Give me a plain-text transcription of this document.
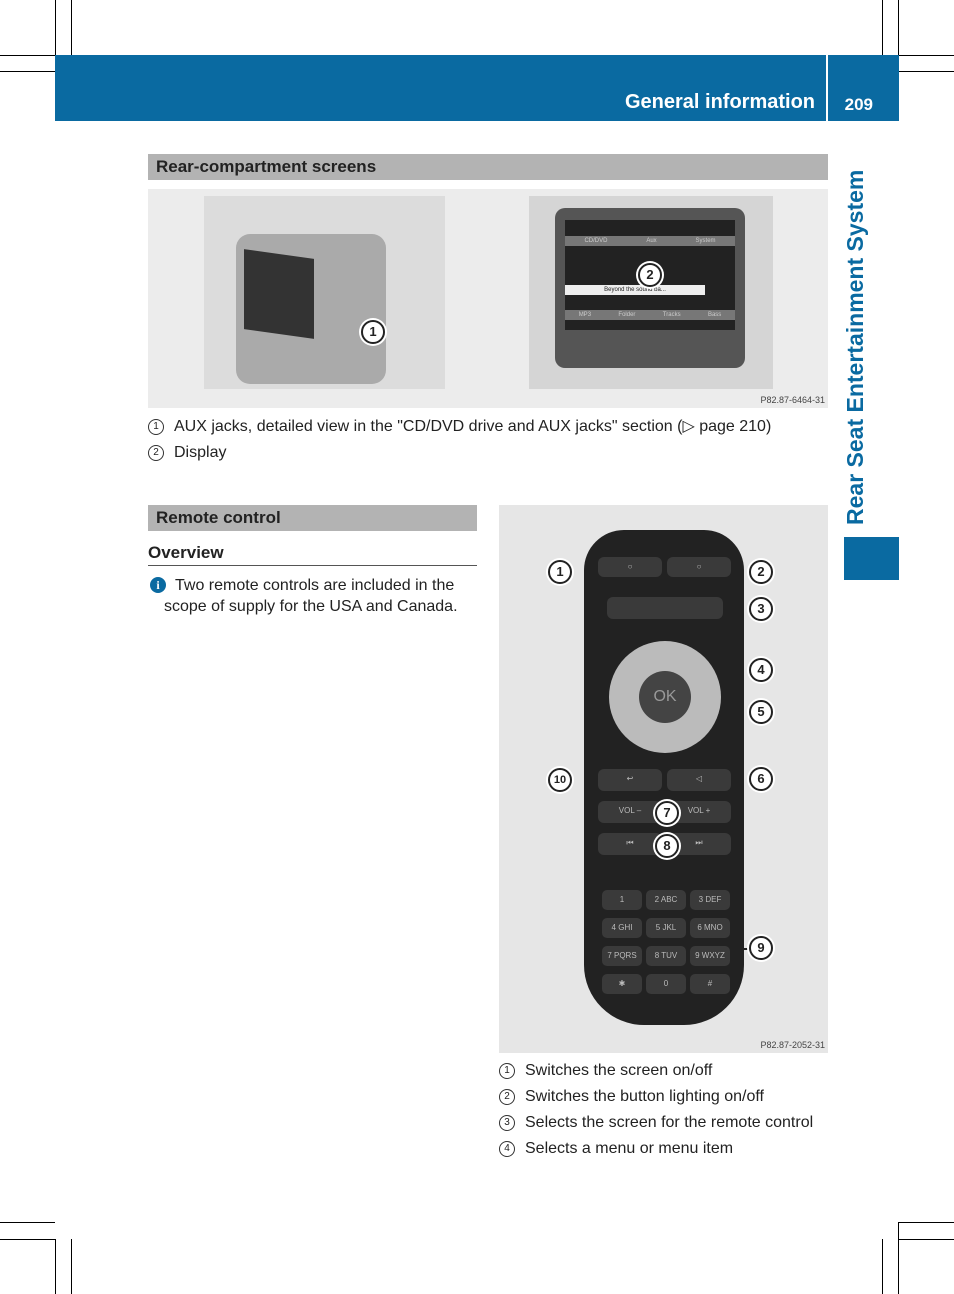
General information 209
Rear Seat Entertainment System
Rear-compartment screens
CD/DVD	Aux	System
Beyond the sound ba...
MP3	Folder	Tracks	Bass
1
2
P82.87-6464-31
1 AUX jacks, detailed view in the "CD/DVD drive and AUX jacks" section (▷ page 210)
2 Display
Remote control
Overview
i Two remote controls are included in the scope of supply for the USA and Canada.
○	○
OK
↩	◁
VOL –	VOL +
⏮	⏭
1	2 ABC	3 DEF
4 GHI	5 JKL	6 MNO
7 PQRS	8 TUV	9 WXYZ
✱	0	#
1	2
3
4
5
6
7
8
9
10
P82.87-2052-31
1 Switches the screen on/off
2 Switches the button lighting on/off
3 Selects the screen for the remote control
4 Selects a menu or menu item
